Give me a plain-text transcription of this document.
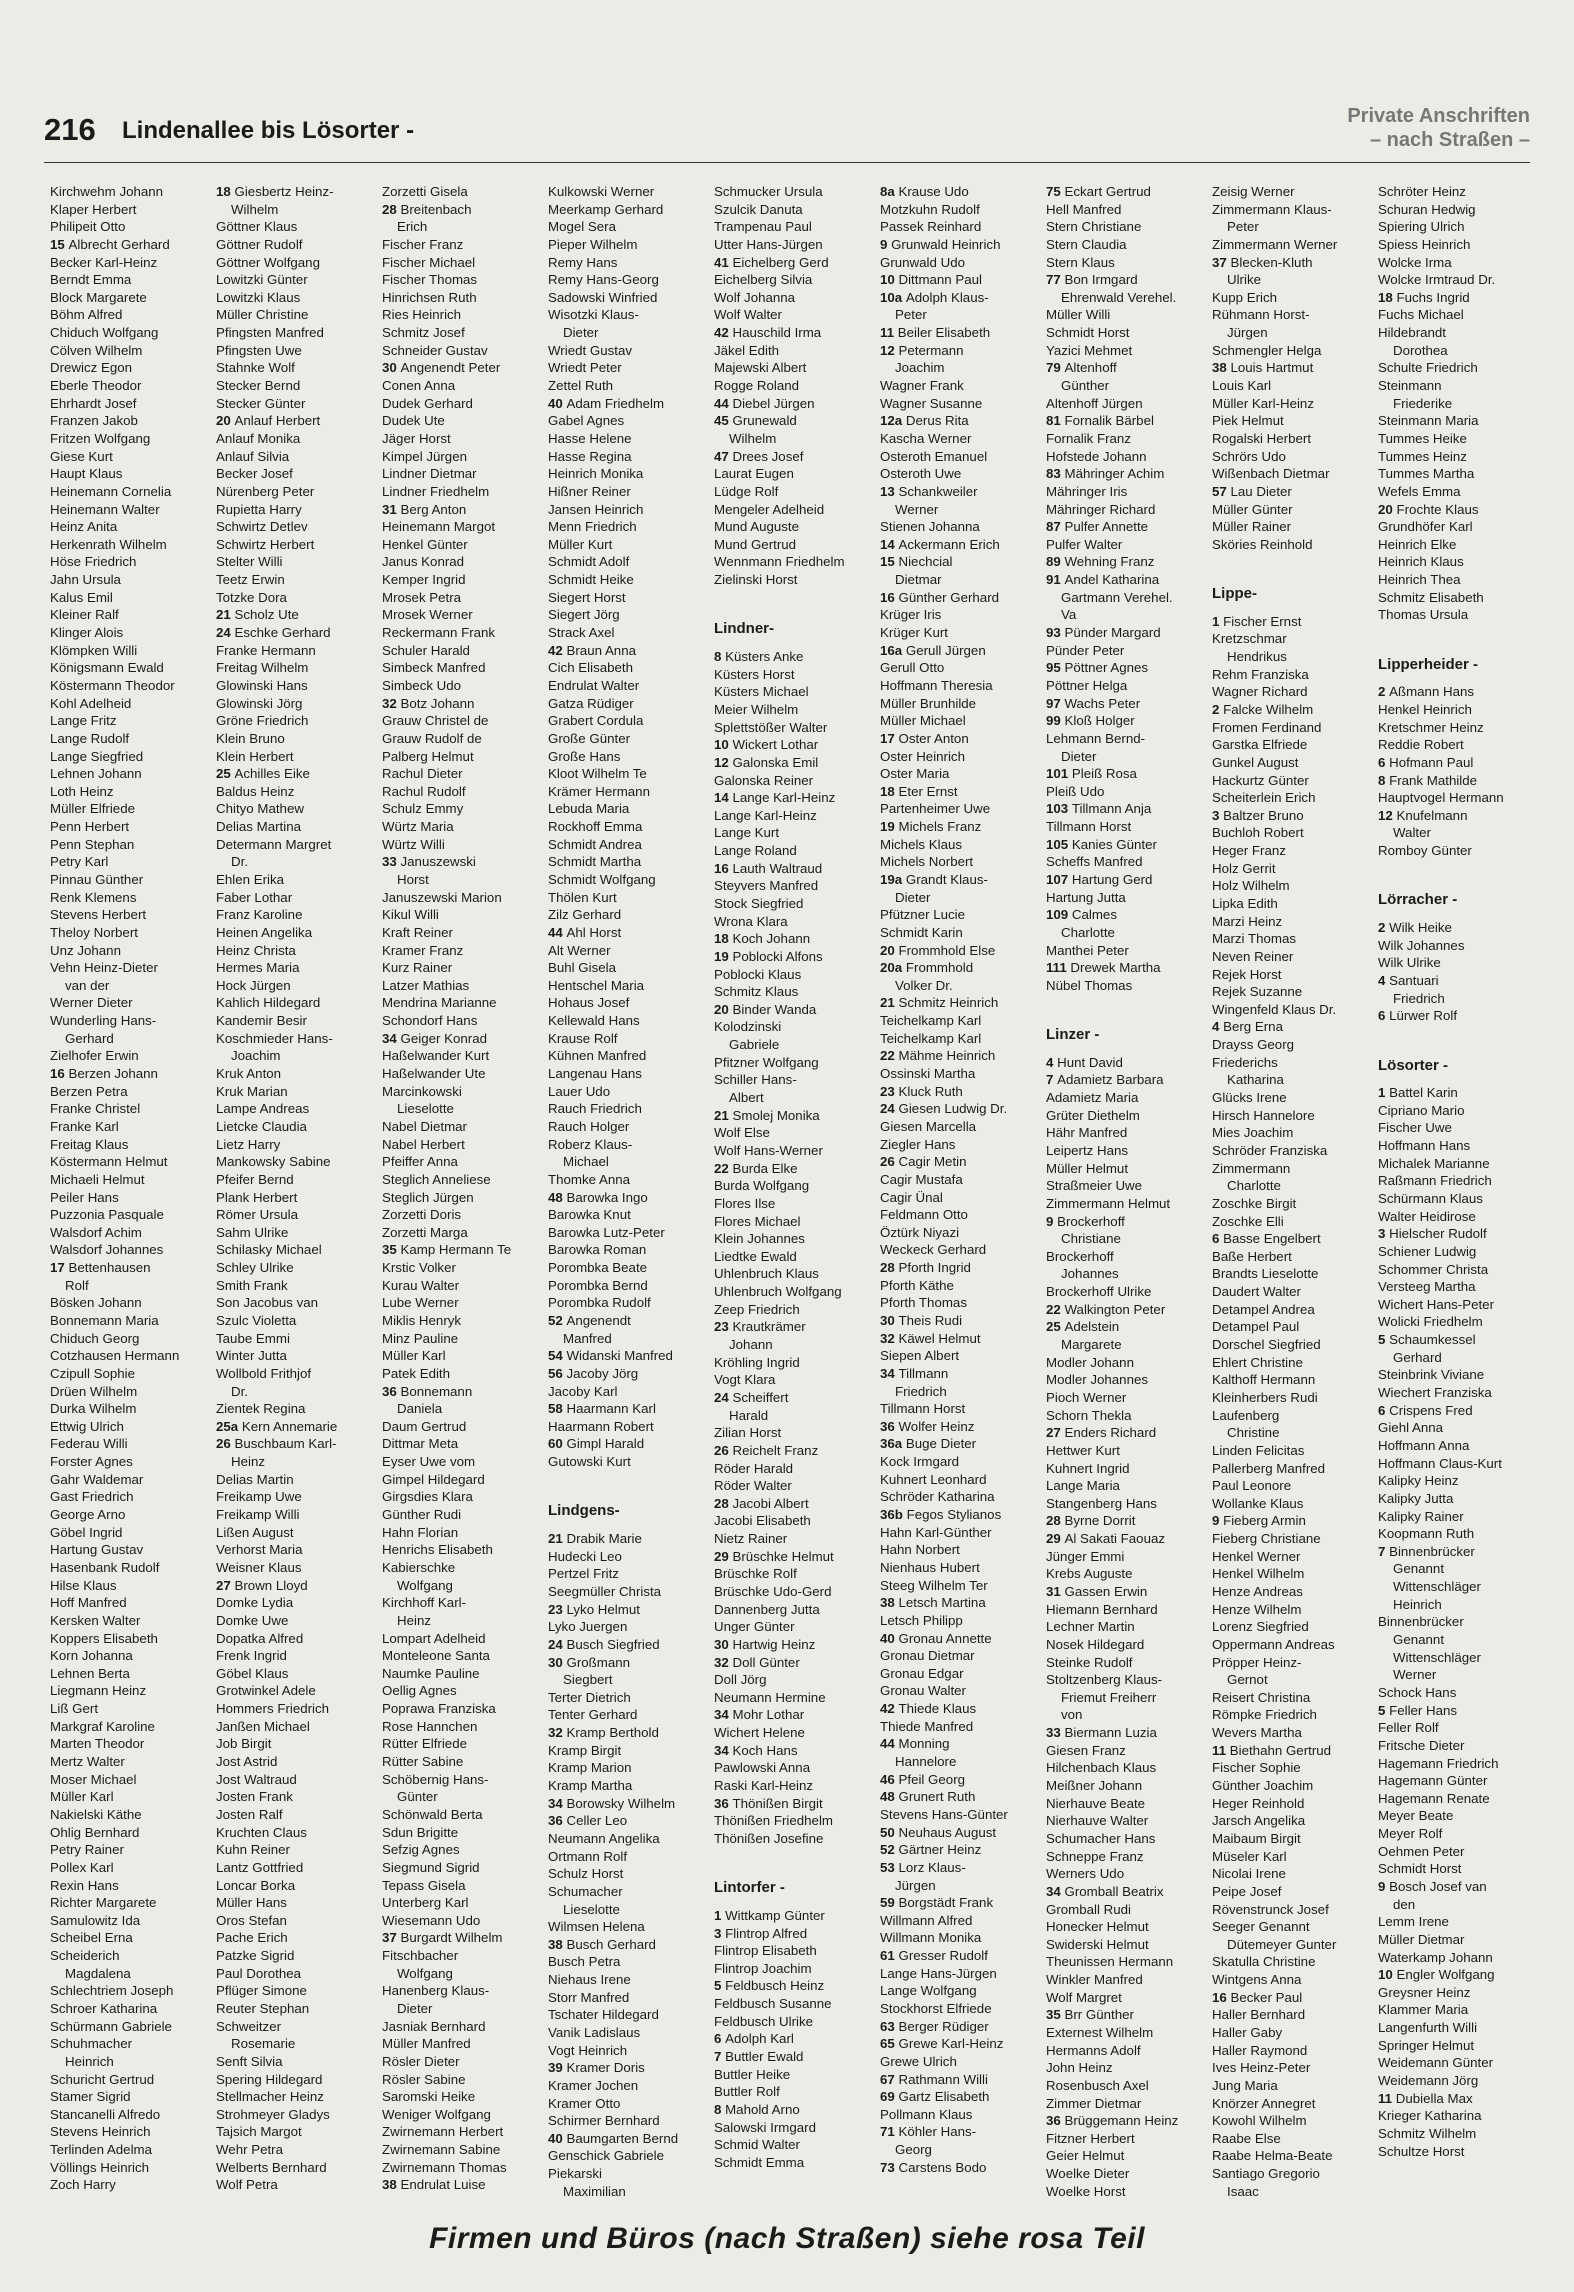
216 Lindenallee bis Lösorter -
Private Anschriften
– nach Straßen –
Kirchwehm Johann
Klaper Herbert
Philipeit Otto
15 Albrecht Gerhard
Becker Karl-Heinz
Berndt Emma
Block Margarete
Böhm Alfred
Chiduch Wolfgang
Cölven Wilhelm
Drewicz Egon
Eberle Theodor
Ehrhardt Josef
Franzen Jakob
Fritzen Wolfgang
Giese Kurt
Haupt Klaus
Heinemann Cornelia
Heinemann Walter
Heinz Anita
Herkenrath Wilhelm
Höse Friedrich
Jahn Ursula
Kalus Emil
Kleiner Ralf
Klinger Alois
Klömpken Willi
Königsmann Ewald
Köstermann Theodor
Kohl Adelheid
Lange Fritz
Lange Rudolf
Lange Siegfried
Lehnen Johann
Loth Heinz
Müller Elfriede
Penn Herbert
Penn Stephan
Petry Karl
Pinnau Günther
Renk Klemens
Stevens Herbert
Theloy Norbert
Unz Johann
Vehn Heinz-Dieter
van der
Werner Dieter
Wunderling Hans-
Gerhard
Zielhofer Erwin
16 Berzen Johann
Berzen Petra
Franke Christel
Franke Karl
Freitag Klaus
Köstermann Helmut
Michaeli Helmut
Peiler Hans
Puzzonia Pasquale
Walsdorf Achim
Walsdorf Johannes
17 Bettenhausen
Rolf
Bösken Johann
Bonnemann Maria
Chiduch Georg
Cotzhausen Hermann
Czipull Sophie
Drüen Wilhelm
Durka Wilhelm
Ettwig Ulrich
Federau Willi
Forster Agnes
Gahr Waldemar
Gast Friedrich
George Arno
Göbel Ingrid
Hartung Gustav
Hasenbank Rudolf
Hilse Klaus
Hoff Manfred
Kersken Walter
Koppers Elisabeth
Korn Johanna
Lehnen Berta
Liegmann Heinz
Liß Gert
Markgraf Karoline
Marten Theodor
Mertz Walter
Moser Michael
Müller Karl
Nakielski Käthe
Ohlig Bernhard
Petry Rainer
Pollex Karl
Rexin Hans
Richter Margarete
Samulowitz Ida
Scheibel Erna
Scheiderich
Magdalena
Schlechtriem Joseph
Schroer Katharina
Schürmann Gabriele
Schuhmacher
Heinrich
Schuricht Gertrud
Stamer Sigrid
Stancanelli Alfredo
Stevens Heinrich
Terlinden Adelma
Völlings Heinrich
Zoch Harry
18 Giesbertz Heinz-
Wilhelm
Göttner Klaus
Göttner Rudolf
Göttner Wolfgang
Lowitzki Günter
Lowitzki Klaus
Müller Christine
Pfingsten Manfred
Pfingsten Uwe
Stahnke Wolf
Stecker Bernd
Stecker Günter
20 Anlauf Herbert
Anlauf Monika
Anlauf Silvia
Becker Josef
Nürenberg Peter
Rupietta Harry
Schwirtz Detlev
Schwirtz Herbert
Stelter Willi
Teetz Erwin
Totzke Dora
21 Scholz Ute
24 Eschke Gerhard
Franke Hermann
Freitag Wilhelm
Glowinski Hans
Glowinski Jörg
Gröne Friedrich
Klein Bruno
Klein Herbert
25 Achilles Eike
Baldus Heinz
Chityo Mathew
Delias Martina
Determann Margret
Dr.
Ehlen Erika
Faber Lothar
Franz Karoline
Heinen Angelika
Heinz Christa
Hermes Maria
Hock Jürgen
Kahlich Hildegard
Kandemir Besir
Koschmieder Hans-
Joachim
Kruk Anton
Kruk Marian
Lampe Andreas
Lietcke Claudia
Lietz Harry
Mankowsky Sabine
Pfeifer Bernd
Plank Herbert
Römer Ursula
Sahm Ulrike
Schilasky Michael
Schley Ulrike
Smith Frank
Son Jacobus van
Szulc Violetta
Taube Emmi
Winter Jutta
Wollbold Frithjof
Dr.
Zientek Regina
25a Kern Annemarie
26 Buschbaum Karl-
Heinz
Delias Martin
Freikamp Uwe
Freikamp Willi
Lißen August
Verhorst Maria
Weisner Klaus
27 Brown Lloyd
Domke Lydia
Domke Uwe
Dopatka Alfred
Frenk Ingrid
Göbel Klaus
Grotwinkel Adele
Hommers Friedrich
Janßen Michael
Job Birgit
Jost Astrid
Jost Waltraud
Josten Frank
Josten Ralf
Kruchten Claus
Kuhn Reiner
Lantz Gottfried
Loncar Borka
Müller Hans
Oros Stefan
Pache Erich
Patzke Sigrid
Paul Dorothea
Pflüger Simone
Reuter Stephan
Schweitzer
Rosemarie
Senft Silvia
Spering Hildegard
Stellmacher Heinz
Strohmeyer Gladys
Tajsich Margot
Wehr Petra
Welberts Bernhard
Wolf Petra
Zorzetti Gisela
28 Breitenbach
Erich
Fischer Franz
Fischer Michael
Fischer Thomas
Hinrichsen Ruth
Ries Heinrich
Schmitz Josef
Schneider Gustav
30 Angenendt Peter
Conen Anna
Dudek Gerhard
Dudek Ute
Jäger Horst
Kimpel Jürgen
Lindner Dietmar
Lindner Friedhelm
31 Berg Anton
Heinemann Margot
Henkel Günter
Janus Konrad
Kemper Ingrid
Mrosek Petra
Mrosek Werner
Reckermann Frank
Schuler Harald
Simbeck Manfred
Simbeck Udo
32 Botz Johann
Grauw Christel de
Grauw Rudolf de
Palberg Helmut
Rachul Dieter
Rachul Rudolf
Schulz Emmy
Würtz Maria
Würtz Willi
33 Januszewski
Horst
Januszewski Marion
Kikul Willi
Kraft Reiner
Kramer Franz
Kurz Rainer
Latzer Mathias
Mendrina Marianne
Schondorf Hans
34 Geiger Konrad
Haßelwander Kurt
Haßelwander Ute
Marcinkowski
Lieselotte
Nabel Dietmar
Nabel Herbert
Pfeiffer Anna
Steglich Anneliese
Steglich Jürgen
Zorzetti Doris
Zorzetti Marga
35 Kamp Hermann Te
Krstic Volker
Kurau Walter
Lube Werner
Miklis Henryk
Minz Pauline
Müller Karl
Patek Edith
36 Bonnemann
Daniela
Daum Gertrud
Dittmar Meta
Eyser Uwe vom
Gimpel Hildegard
Girgsdies Klara
Günther Rudi
Hahn Florian
Henrichs Elisabeth
Kabierschke
Wolfgang
Kirchhoff Karl-
Heinz
Lompart Adelheid
Monteleone Santa
Naumke Pauline
Oellig Agnes
Poprawa Franziska
Rose Hannchen
Rütter Elfriede
Rütter Sabine
Schöbernig Hans-
Günter
Schönwald Berta
Sdun Brigitte
Sefzig Agnes
Siegmund Sigrid
Tepass Gisela
Unterberg Karl
Wiesemann Udo
37 Burgardt Wilhelm
Fitschbacher
Wolfgang
Hanenberg Klaus-
Dieter
Jasniak Bernhard
Müller Manfred
Rösler Dieter
Rösler Sabine
Saromski Heike
Weniger Wolfgang
Zwirnemann Herbert
Zwirnemann Sabine
Zwirnemann Thomas
38 Endrulat Luise
Kulkowski Werner
Meerkamp Gerhard
Mogel Sera
Pieper Wilhelm
Remy Hans
Remy Hans-Georg
Sadowski Winfried
Wisotzki Klaus-
Dieter
Wriedt Gustav
Wriedt Peter
Zettel Ruth
40 Adam Friedhelm
Gabel Agnes
Hasse Helene
Hasse Regina
Heinrich Monika
Hißner Reiner
Jansen Heinrich
Menn Friedrich
Müller Kurt
Schmidt Adolf
Schmidt Heike
Siegert Horst
Siegert Jörg
Strack Axel
42 Braun Anna
Cich Elisabeth
Endrulat Walter
Gatza Rüdiger
Grabert Cordula
Große Günter
Große Hans
Kloot Wilhelm Te
Krämer Hermann
Lebuda Maria
Rockhoff Emma
Schmidt Andrea
Schmidt Martha
Schmidt Wolfgang
Thölen Kurt
Zilz Gerhard
44 Ahl Horst
Alt Werner
Buhl Gisela
Hentschel Maria
Hohaus Josef
Kellewald Hans
Krause Rolf
Kühnen Manfred
Langenau Hans
Lauer Udo
Rauch Friedrich
Rauch Holger
Roberz Klaus-
Michael
Thomke Anna
48 Barowka Ingo
Barowka Knut
Barowka Lutz-Peter
Barowka Roman
Porombka Beate
Porombka Bernd
Porombka Rudolf
52 Angenendt
Manfred
54 Widanski Manfred
56 Jacoby Jörg
Jacoby Karl
58 Haarmann Karl
Haarmann Robert
60 Gimpl Harald
Gutowski Kurt
Lindgens-
21 Drabik Marie
Hudecki Leo
Pertzel Fritz
Seegmüller Christa
23 Lyko Helmut
Lyko Juergen
24 Busch Siegfried
30 Großmann
Siegbert
Terter Dietrich
Tenter Gerhard
32 Kramp Berthold
Kramp Birgit
Kramp Marion
Kramp Martha
34 Borowsky Wilhelm
36 Celler Leo
Neumann Angelika
Ortmann Rolf
Schulz Horst
Schumacher
Lieselotte
Wilmsen Helena
38 Busch Gerhard
Busch Petra
Niehaus Irene
Storr Manfred
Tschater Hildegard
Vanik Ladislaus
Vogt Heinrich
39 Kramer Doris
Kramer Jochen
Kramer Otto
Schirmer Bernhard
40 Baumgarten Bernd
Genschick Gabriele
Piekarski
Maximilian
Schmucker Ursula
Szulcik Danuta
Trampenau Paul
Utter Hans-Jürgen
41 Eichelberg Gerd
Eichelberg Silvia
Wolf Johanna
Wolf Walter
42 Hauschild Irma
Jäkel Edith
Majewski Albert
Rogge Roland
44 Diebel Jürgen
45 Grunewald
Wilhelm
47 Drees Josef
Laurat Eugen
Lüdge Rolf
Mengeler Adelheid
Mund Auguste
Mund Gertrud
Wennmann Friedhelm
Zielinski Horst
Lindner-
8 Küsters Anke
Küsters Horst
Küsters Michael
Meier Wilhelm
Splettstößer Walter
10 Wickert Lothar
12 Galonska Emil
Galonska Reiner
14 Lange Karl-Heinz
Lange Karl-Heinz
Lange Kurt
Lange Roland
16 Lauth Waltraud
Steyvers Manfred
Stock Siegfried
Wrona Klara
18 Koch Johann
19 Poblocki Alfons
Poblocki Klaus
Schmitz Klaus
20 Binder Wanda
Kolodzinski
Gabriele
Pfitzner Wolfgang
Schiller Hans-
Albert
21 Smolej Monika
Wolf Else
Wolf Hans-Werner
22 Burda Elke
Burda Wolfgang
Flores Ilse
Flores Michael
Klein Johannes
Liedtke Ewald
Uhlenbruch Klaus
Uhlenbruch Wolfgang
Zeep Friedrich
23 Krautkrämer
Johann
Kröhling Ingrid
Vogt Klara
24 Scheiffert
Harald
Zilian Horst
26 Reichelt Franz
Röder Harald
Röder Walter
28 Jacobi Albert
Jacobi Elisabeth
Nietz Rainer
29 Brüschke Helmut
Brüschke Rolf
Brüschke Udo-Gerd
Dannenberg Jutta
Unger Günter
30 Hartwig Heinz
32 Doll Günter
Doll Jörg
Neumann Hermine
34 Mohr Lothar
Wichert Helene
34 Koch Hans
Pawlowski Anna
Raski Karl-Heinz
36 Thönißen Birgit
Thönißen Friedhelm
Thönißen Josefine
Lintorfer -
1 Wittkamp Günter
3 Flintrop Alfred
Flintrop Elisabeth
Flintrop Joachim
5 Feldbusch Heinz
Feldbusch Susanne
Feldbusch Ulrike
6 Adolph Karl
7 Buttler Ewald
Buttler Heike
Buttler Rolf
8 Mahold Arno
Salowski Irmgard
Schmid Walter
Schmidt Emma
8a Krause Udo
Motzkuhn Rudolf
Passek Reinhard
9 Grunwald Heinrich
Grunwald Udo
10 Dittmann Paul
10a Adolph Klaus-
Peter
11 Beiler Elisabeth
12 Petermann
Joachim
Wagner Frank
Wagner Susanne
12a Derus Rita
Kascha Werner
Osteroth Emanuel
Osteroth Uwe
13 Schankweiler
Werner
Stienen Johanna
14 Ackermann Erich
15 Niechcial
Dietmar
16 Günther Gerhard
Krüger Iris
Krüger Kurt
16a Gerull Jürgen
Gerull Otto
Hoffmann Theresia
Müller Brunhilde
Müller Michael
17 Oster Anton
Oster Heinrich
Oster Maria
18 Eter Ernst
Partenheimer Uwe
19 Michels Franz
Michels Klaus
Michels Norbert
19a Grandt Klaus-
Dieter
Pfützner Lucie
Schmidt Karin
20 Frommhold Else
20a Frommhold
Volker Dr.
21 Schmitz Heinrich
Teichelkamp Karl
Teichelkamp Karl
22 Mähme Heinrich
Ossinski Martha
23 Kluck Ruth
24 Giesen Ludwig Dr.
Giesen Marcella
Ziegler Hans
26 Cagir Metin
Cagir Mustafa
Cagir Ünal
Feldmann Otto
Öztürk Niyazi
Weckeck Gerhard
28 Pforth Ingrid
Pforth Käthe
Pforth Thomas
30 Theis Rudi
32 Käwel Helmut
Siepen Albert
34 Tillmann
Friedrich
Tillmann Horst
36 Wolfer Heinz
36a Buge Dieter
Kock Irmgard
Kuhnert Leonhard
Schröder Katharina
36b Fegos Stylianos
Hahn Karl-Günther
Hahn Norbert
Nienhaus Hubert
Steeg Wilhelm Ter
38 Letsch Martina
Letsch Philipp
40 Gronau Annette
Gronau Dietmar
Gronau Edgar
Gronau Walter
42 Thiede Klaus
Thiede Manfred
44 Monning
Hannelore
46 Pfeil Georg
48 Grunert Ruth
Stevens Hans-Günter
50 Neuhaus August
52 Gärtner Heinz
53 Lorz Klaus-
Jürgen
59 Borgstädt Frank
Willmann Alfred
Willmann Monika
61 Gresser Rudolf
Lange Hans-Jürgen
Lange Wolfgang
Stockhorst Elfriede
63 Berger Rüdiger
65 Grewe Karl-Heinz
Grewe Ulrich
67 Rathmann Willi
69 Gartz Elisabeth
Pollmann Klaus
71 Köhler Hans-
Georg
73 Carstens Bodo
75 Eckart Gertrud
Hell Manfred
Stern Christiane
Stern Claudia
Stern Klaus
77 Bon Irmgard
Ehrenwald Verehel.
Müller Willi
Schmidt Horst
Yazici Mehmet
79 Altenhoff
Günther
Altenhoff Jürgen
81 Fornalik Bärbel
Fornalik Franz
Hofstede Johann
83 Mähringer Achim
Mähringer Iris
Mähringer Richard
87 Pulfer Annette
Pulfer Walter
89 Wehning Franz
91 Andel Katharina
Gartmann Verehel.
Va
93 Pünder Margard
Pünder Peter
95 Pöttner Agnes
Pöttner Helga
97 Wachs Peter
99 Kloß Holger
Lehmann Bernd-
Dieter
101 Pleiß Rosa
Pleiß Udo
103 Tillmann Anja
Tillmann Horst
105 Kanies Günter
Scheffs Manfred
107 Hartung Gerd
Hartung Jutta
109 Calmes
Charlotte
Manthei Peter
111 Drewek Martha
Nübel Thomas
Linzer -
4 Hunt David
7 Adamietz Barbara
Adamietz Maria
Grüter Diethelm
Hähr Manfred
Leipertz Hans
Müller Helmut
Straßmeier Uwe
Zimmermann Helmut
9 Brockerhoff
Christiane
Brockerhoff
Johannes
Brockerhoff Ulrike
22 Walkington Peter
25 Adelstein
Margarete
Modler Johann
Modler Johannes
Pioch Werner
Schorn Thekla
27 Enders Richard
Hettwer Kurt
Kuhnert Ingrid
Lange Maria
Stangenberg Hans
28 Byrne Dorrit
29 Al Sakati Faouaz
Jünger Emmi
Krebs Auguste
31 Gassen Erwin
Hiemann Bernhard
Lechner Martin
Nosek Hildegard
Steinke Rudolf
Stoltzenberg Klaus-
Friemut Freiherr
von
33 Biermann Luzia
Giesen Franz
Hilchenbach Klaus
Meißner Johann
Nierhauve Beate
Nierhauve Walter
Schumacher Hans
Schneppe Franz
Werners Udo
34 Gromball Beatrix
Gromball Rudi
Honecker Helmut
Swiderski Helmut
Theunissen Hermann
Winkler Manfred
Wolf Margret
35 Brr Günther
Externest Wilhelm
Hermanns Adolf
John Heinz
Rosenbusch Axel
Zimmer Dietmar
36 Brüggemann Heinz
Fitzner Herbert
Geier Helmut
Woelke Dieter
Woelke Horst
Zeisig Werner
Zimmermann Klaus-
Peter
Zimmermann Werner
37 Blecken-Kluth
Ulrike
Kupp Erich
Rühmann Horst-
Jürgen
Schmengler Helga
38 Louis Hartmut
Louis Karl
Müller Karl-Heinz
Piek Helmut
Rogalski Herbert
Schrörs Udo
Wißenbach Dietmar
57 Lau Dieter
Müller Günter
Müller Rainer
Sköries Reinhold
Lippe-
1 Fischer Ernst
Kretzschmar
Hendrikus
Rehm Franziska
Wagner Richard
2 Falcke Wilhelm
Fromen Ferdinand
Garstka Elfriede
Gunkel August
Hackurtz Günter
Scheiterlein Erich
3 Baltzer Bruno
Buchloh Robert
Heger Franz
Holz Gerrit
Holz Wilhelm
Lipka Edith
Marzi Heinz
Marzi Thomas
Neven Reiner
Rejek Horst
Rejek Suzanne
Wingenfeld Klaus Dr.
4 Berg Erna
Drayss Georg
Friederichs
Katharina
Glücks Irene
Hirsch Hannelore
Mies Joachim
Schröder Franziska
Zimmermann
Charlotte
Zoschke Birgit
Zoschke Elli
6 Basse Engelbert
Baße Herbert
Brandts Lieselotte
Daudert Walter
Detampel Andrea
Detampel Paul
Dorschel Siegfried
Ehlert Christine
Kalthoff Hermann
Kleinherbers Rudi
Laufenberg
Christine
Linden Felicitas
Pallerberg Manfred
Paul Leonore
Wollanke Klaus
9 Fieberg Armin
Fieberg Christiane
Henkel Werner
Henkel Wilhelm
Henze Andreas
Henze Wilhelm
Lorenz Siegfried
Oppermann Andreas
Pröpper Heinz-
Gernot
Reisert Christina
Römpke Friedrich
Wevers Martha
11 Biethahn Gertrud
Fischer Sophie
Günther Joachim
Heger Reinhold
Jarsch Angelika
Maibaum Birgit
Müseler Karl
Nicolai Irene
Peipe Josef
Rövenstrunck Josef
Seeger Genannt
Dütemeyer Gunter
Skatulla Christine
Wintgens Anna
16 Becker Paul
Haller Bernhard
Haller Gaby
Haller Raymond
Ives Heinz-Peter
Jung Maria
Knörzer Annegret
Kowohl Wilhelm
Raabe Else
Raabe Helma-Beate
Santiago Gregorio
Isaac
Schröter Heinz
Schuran Hedwig
Spiering Ulrich
Spiess Heinrich
Wolcke Irma
Wolcke Irmtraud Dr.
18 Fuchs Ingrid
Fuchs Michael
Hildebrandt
Dorothea
Schulte Friedrich
Steinmann
Friederike
Steinmann Maria
Tummes Heike
Tummes Heinz
Tummes Martha
Wefels Emma
20 Frochte Klaus
Grundhöfer Karl
Heinrich Elke
Heinrich Klaus
Heinrich Thea
Schmitz Elisabeth
Thomas Ursula
Lipperheider -
2 Aßmann Hans
Henkel Heinrich
Kretschmer Heinz
Reddie Robert
6 Hofmann Paul
8 Frank Mathilde
Hauptvogel Hermann
12 Knufelmann
Walter
Romboy Günter
Lörracher -
2 Wilk Heike
Wilk Johannes
Wilk Ulrike
4 Santuari
Friedrich
6 Lürwer Rolf
Lösorter -
1 Battel Karin
Cipriano Mario
Fischer Uwe
Hoffmann Hans
Michalek Marianne
Raßmann Friedrich
Schürmann Klaus
Walter Heidirose
3 Hielscher Rudolf
Schiener Ludwig
Schommer Christa
Versteeg Martha
Wichert Hans-Peter
Wolicki Friedhelm
5 Schaumkessel
Gerhard
Steinbrink Viviane
Wiechert Franziska
6 Crispens Fred
Giehl Anna
Hoffmann Anna
Hoffmann Claus-Kurt
Kalipky Heinz
Kalipky Jutta
Kalipky Rainer
Koopmann Ruth
7 Binnenbrücker
Genannt
Wittenschläger
Heinrich
Binnenbrücker
Genannt
Wittenschläger
Werner
Schock Hans
5 Feller Hans
Feller Rolf
Fritsche Dieter
Hagemann Friedrich
Hagemann Günter
Hagemann Renate
Meyer Beate
Meyer Rolf
Oehmen Peter
Schmidt Horst
9 Bosch Josef van
den
Lemm Irene
Müller Dietmar
Waterkamp Johann
10 Engler Wolfgang
Greysner Heinz
Klammer Maria
Langenfurth Willi
Springer Helmut
Weidemann Günter
Weidemann Jörg
11 Dubiella Max
Krieger Katharina
Schmitz Wilhelm
Schultze Horst
Firmen und Büros (nach Straßen) siehe rosa Teil
